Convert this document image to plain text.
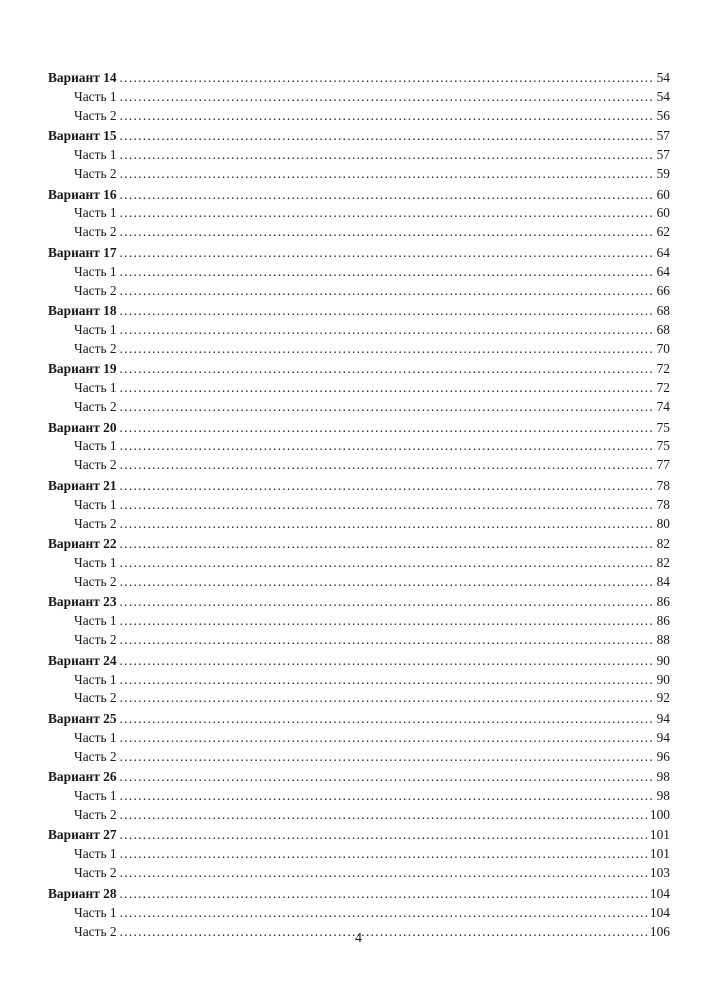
Вариант 14 .....	54
Часть 1 .....	54
Часть 2 .....	56
Вариант 15 .....	57
Часть 1 .....	57
Часть 2 .....	59
Вариант 16 .....	60
Часть 1 .....	60
Часть 2 .....	62
Вариант 17 .....	64
Часть 1 .....	64
Часть 2 .....	66
Вариант 18 .....	68
Часть 1 .....	68
Часть 2 .....	70
Вариант 19 .....	72
Часть 1 .....	72
Часть 2 .....	74
Вариант 20 .....	75
Часть 1 .....	75
Часть 2 .....	77
Вариант 21 .....	78
Часть 1 .....	78
Часть 2 .....	80
Вариант 22 .....	82
Часть 1 .....	82
Часть 2 .....	84
Вариант 23 .....	86
Часть 1 .....	86
Часть 2 .....	88
Вариант 24 .....	90
Часть 1 .....	90
Часть 2 .....	92
Вариант 25 .....	94
Часть 1 .....	94
Часть 2 .....	96
Вариант 26 .....	98
Часть 1 .....	98
Часть 2 .....	100
Вариант 27 .....	101
Часть 1 .....	101
Часть 2 .....	103
Вариант 28 .....	104
Часть 1 .....	104
Часть 2 .....	106
4
